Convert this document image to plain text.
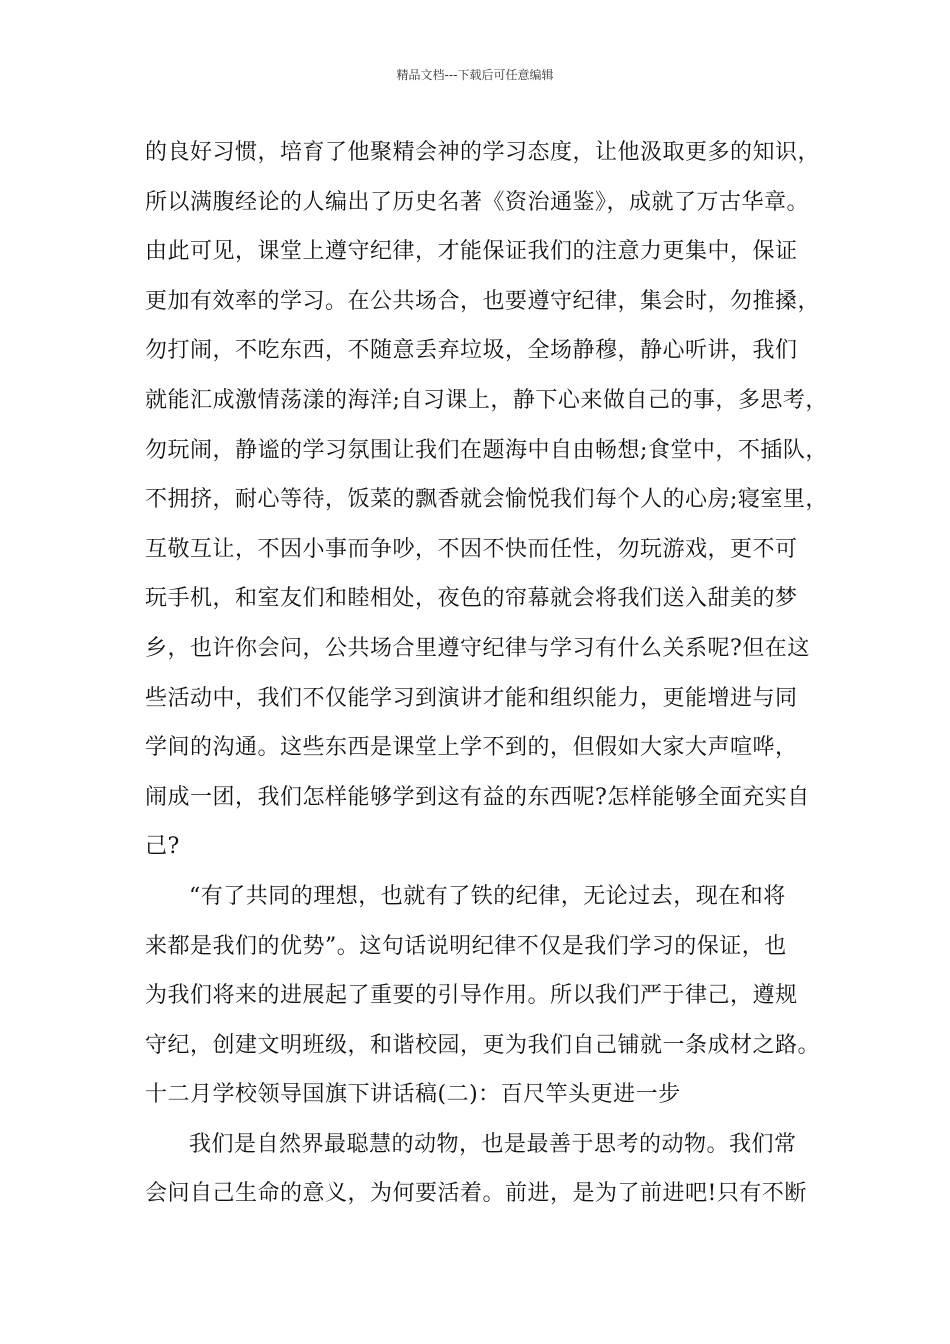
精品文档---下载后可任意编辑
的良好习惯，培育了他聚精会神的学习态度，让他汲取更多的知识，
所以满腹经论的人编出了历史名著《资治通鉴》，成就了万古华章。
由此可见，课堂上遵守纪律，才能保证我们的注意力更集中，保证
更加有效率的学习。在公共场合，也要遵守纪律，集会时，勿推搡，
勿打闹，不吃东西，不随意丢弃垃圾，全场静穆，静心听讲，我们
就能汇成激情荡漾的海洋;自习课上，静下心来做自己的事，多思考，
勿玩闹，静谧的学习氛围让我们在题海中自由畅想;食堂中，不插队，
不拥挤，耐心等待，饭菜的飘香就会愉悦我们每个人的心房;寝室里，
互敬互让，不因小事而争吵，不因不快而任性，勿玩游戏，更不可
玩手机，和室友们和睦相处，夜色的帘幕就会将我们送入甜美的梦
乡，也许你会问，公共场合里遵守纪律与学习有什么关系呢?但在这
些活动中，我们不仅能学习到演讲才能和组织能力，更能增进与同
学间的沟通。这些东西是课堂上学不到的，但假如大家大声喧哗，
闹成一团，我们怎样能够学到这有益的东西呢?怎样能够全面充实自
己?
“有了共同的理想，也就有了铁的纪律，无论过去，现在和将
来都是我们的优势”。这句话说明纪律不仅是我们学习的保证，也
为我们将来的进展起了重要的引导作用。所以我们严于律己，遵规
守纪，创建文明班级，和谐校园，更为我们自己铺就一条成材之路。
十二月学校领导国旗下讲话稿(二)：百尺竿头更进一步
我们是自然界最聪慧的动物，也是最善于思考的动物。我们常
会问自己生命的意义，为何要活着。前进，是为了前进吧!只有不断
